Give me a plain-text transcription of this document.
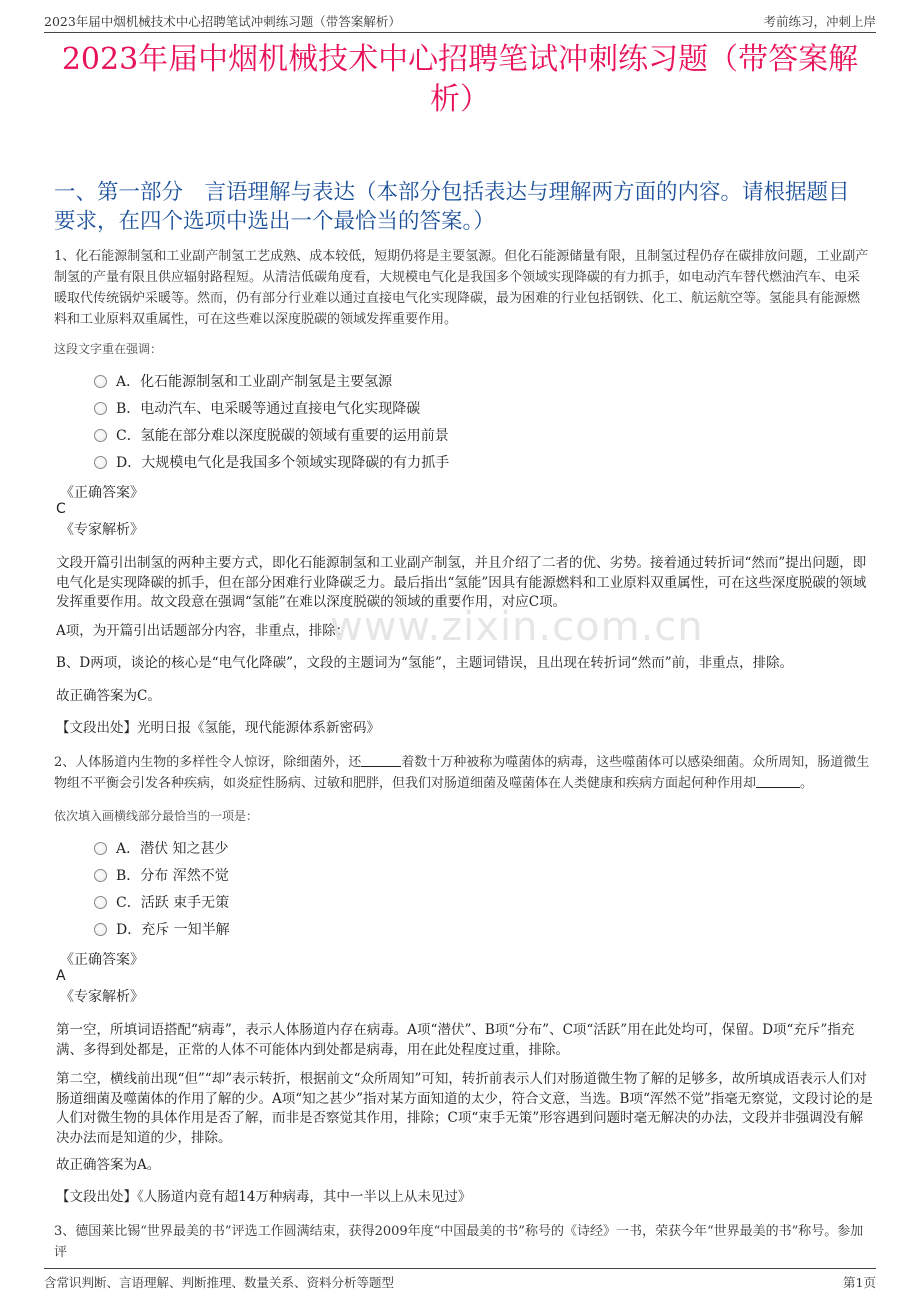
2023年届中烟机械技术中心招聘笔试冲刺练习题（带答案解析）	考前练习，冲刺上岸
2023年届中烟机械技术中心招聘笔试冲刺练习题（带答案解析）
一、第一部分　言语理解与表达（本部分包括表达与理解两方面的内容。请根据题目要求，在四个选项中选出一个最恰当的答案。）
1、化石能源制氢和工业副产制氢工艺成熟、成本较低，短期仍将是主要氢源。但化石能源储量有限，且制氢过程仍存在碳排放问题，工业副产制氢的产量有限且供应辐射路程短。从清洁低碳角度看，大规模电气化是我国多个领域实现降碳的有力抓手，如电动汽车替代燃油汽车、电采暖取代传统锅炉采暖等。然而，仍有部分行业难以通过直接电气化实现降碳，最为困难的行业包括钢铁、化工、航运航空等。氢能具有能源燃料和工业原料双重属性，可在这些难以深度脱碳的领域发挥重要作用。
这段文字重在强调：
A．化石能源制氢和工业副产制氢是主要氢源
B．电动汽车、电采暖等通过直接电气化实现降碳
C．氢能在部分难以深度脱碳的领域有重要的运用前景
D．大规模电气化是我国多个领域实现降碳的有力抓手
《正确答案》
C
《专家解析》
文段开篇引出制氢的两种主要方式，即化石能源制氢和工业副产制氢，并且介绍了二者的优、劣势。接着通过转折词“然而”提出问题，即电气化是实现降碳的抓手，但在部分困难行业降碳乏力。最后指出“氢能”因具有能源燃料和工业原料双重属性，可在这些深度脱碳的领域发挥重要作用。故文段意在强调“氢能”在难以深度脱碳的领域的重要作用，对应C项。
A项，为开篇引出话题部分内容，非重点，排除；
B、D两项，谈论的核心是“电气化降碳”，文段的主题词为“氢能”，主题词错误，且出现在转折词“然而”前，非重点，排除。
故正确答案为C。
【文段出处】光明日报《氢能，现代能源体系新密码》
www.zixin.com.cn
2、人体肠道内生物的多样性令人惊讶，除细菌外，还	着数十万种被称为噬菌体的病毒，这些噬菌体可以感染细菌。众所周知，肠道微生物组不平衡会引发各种疾病，如炎症性肠病、过敏和肥胖，但我们对肠道细菌及噬菌体在人类健康和疾病方面起何种作用却	。
依次填入画横线部分最恰当的一项是：
A．潜伏 知之甚少
B．分布 浑然不觉
C．活跃 束手无策
D．充斥 一知半解
《正确答案》
A
《专家解析》
第一空，所填词语搭配“病毒”，表示人体肠道内存在病毒。A项“潜伏”、B项“分布”、C项“活跃”用在此处均可，保留。D项“充斥”指充满、多得到处都是，正常的人体不可能体内到处都是病毒，用在此处程度过重，排除。
第二空，横线前出现“但”“却”表示转折，根据前文“众所周知”可知，转折前表示人们对肠道微生物了解的足够多，故所填成语表示人们对肠道细菌及噬菌体的作用了解的少。A项“知之甚少”指对某方面知道的太少，符合文意，当选。B项“浑然不觉”指毫无察觉，文段讨论的是人们对微生物的具体作用是否了解，而非是否察觉其作用，排除；C项“束手无策”形容遇到问题时毫无解决的办法，文段并非强调没有解决办法而是知道的少，排除。
故正确答案为A。
【文段出处】《人肠道内竟有超14万种病毒，其中一半以上从未见过》
3、德国莱比锡“世界最美的书”评选工作圆满结束，获得2009年度“中国最美的书”称号的《诗经》一书，荣获今年“世界最美的书”称号。参加评
含常识判断、言语理解、判断推理、数量关系、资料分析等题型	第1页
